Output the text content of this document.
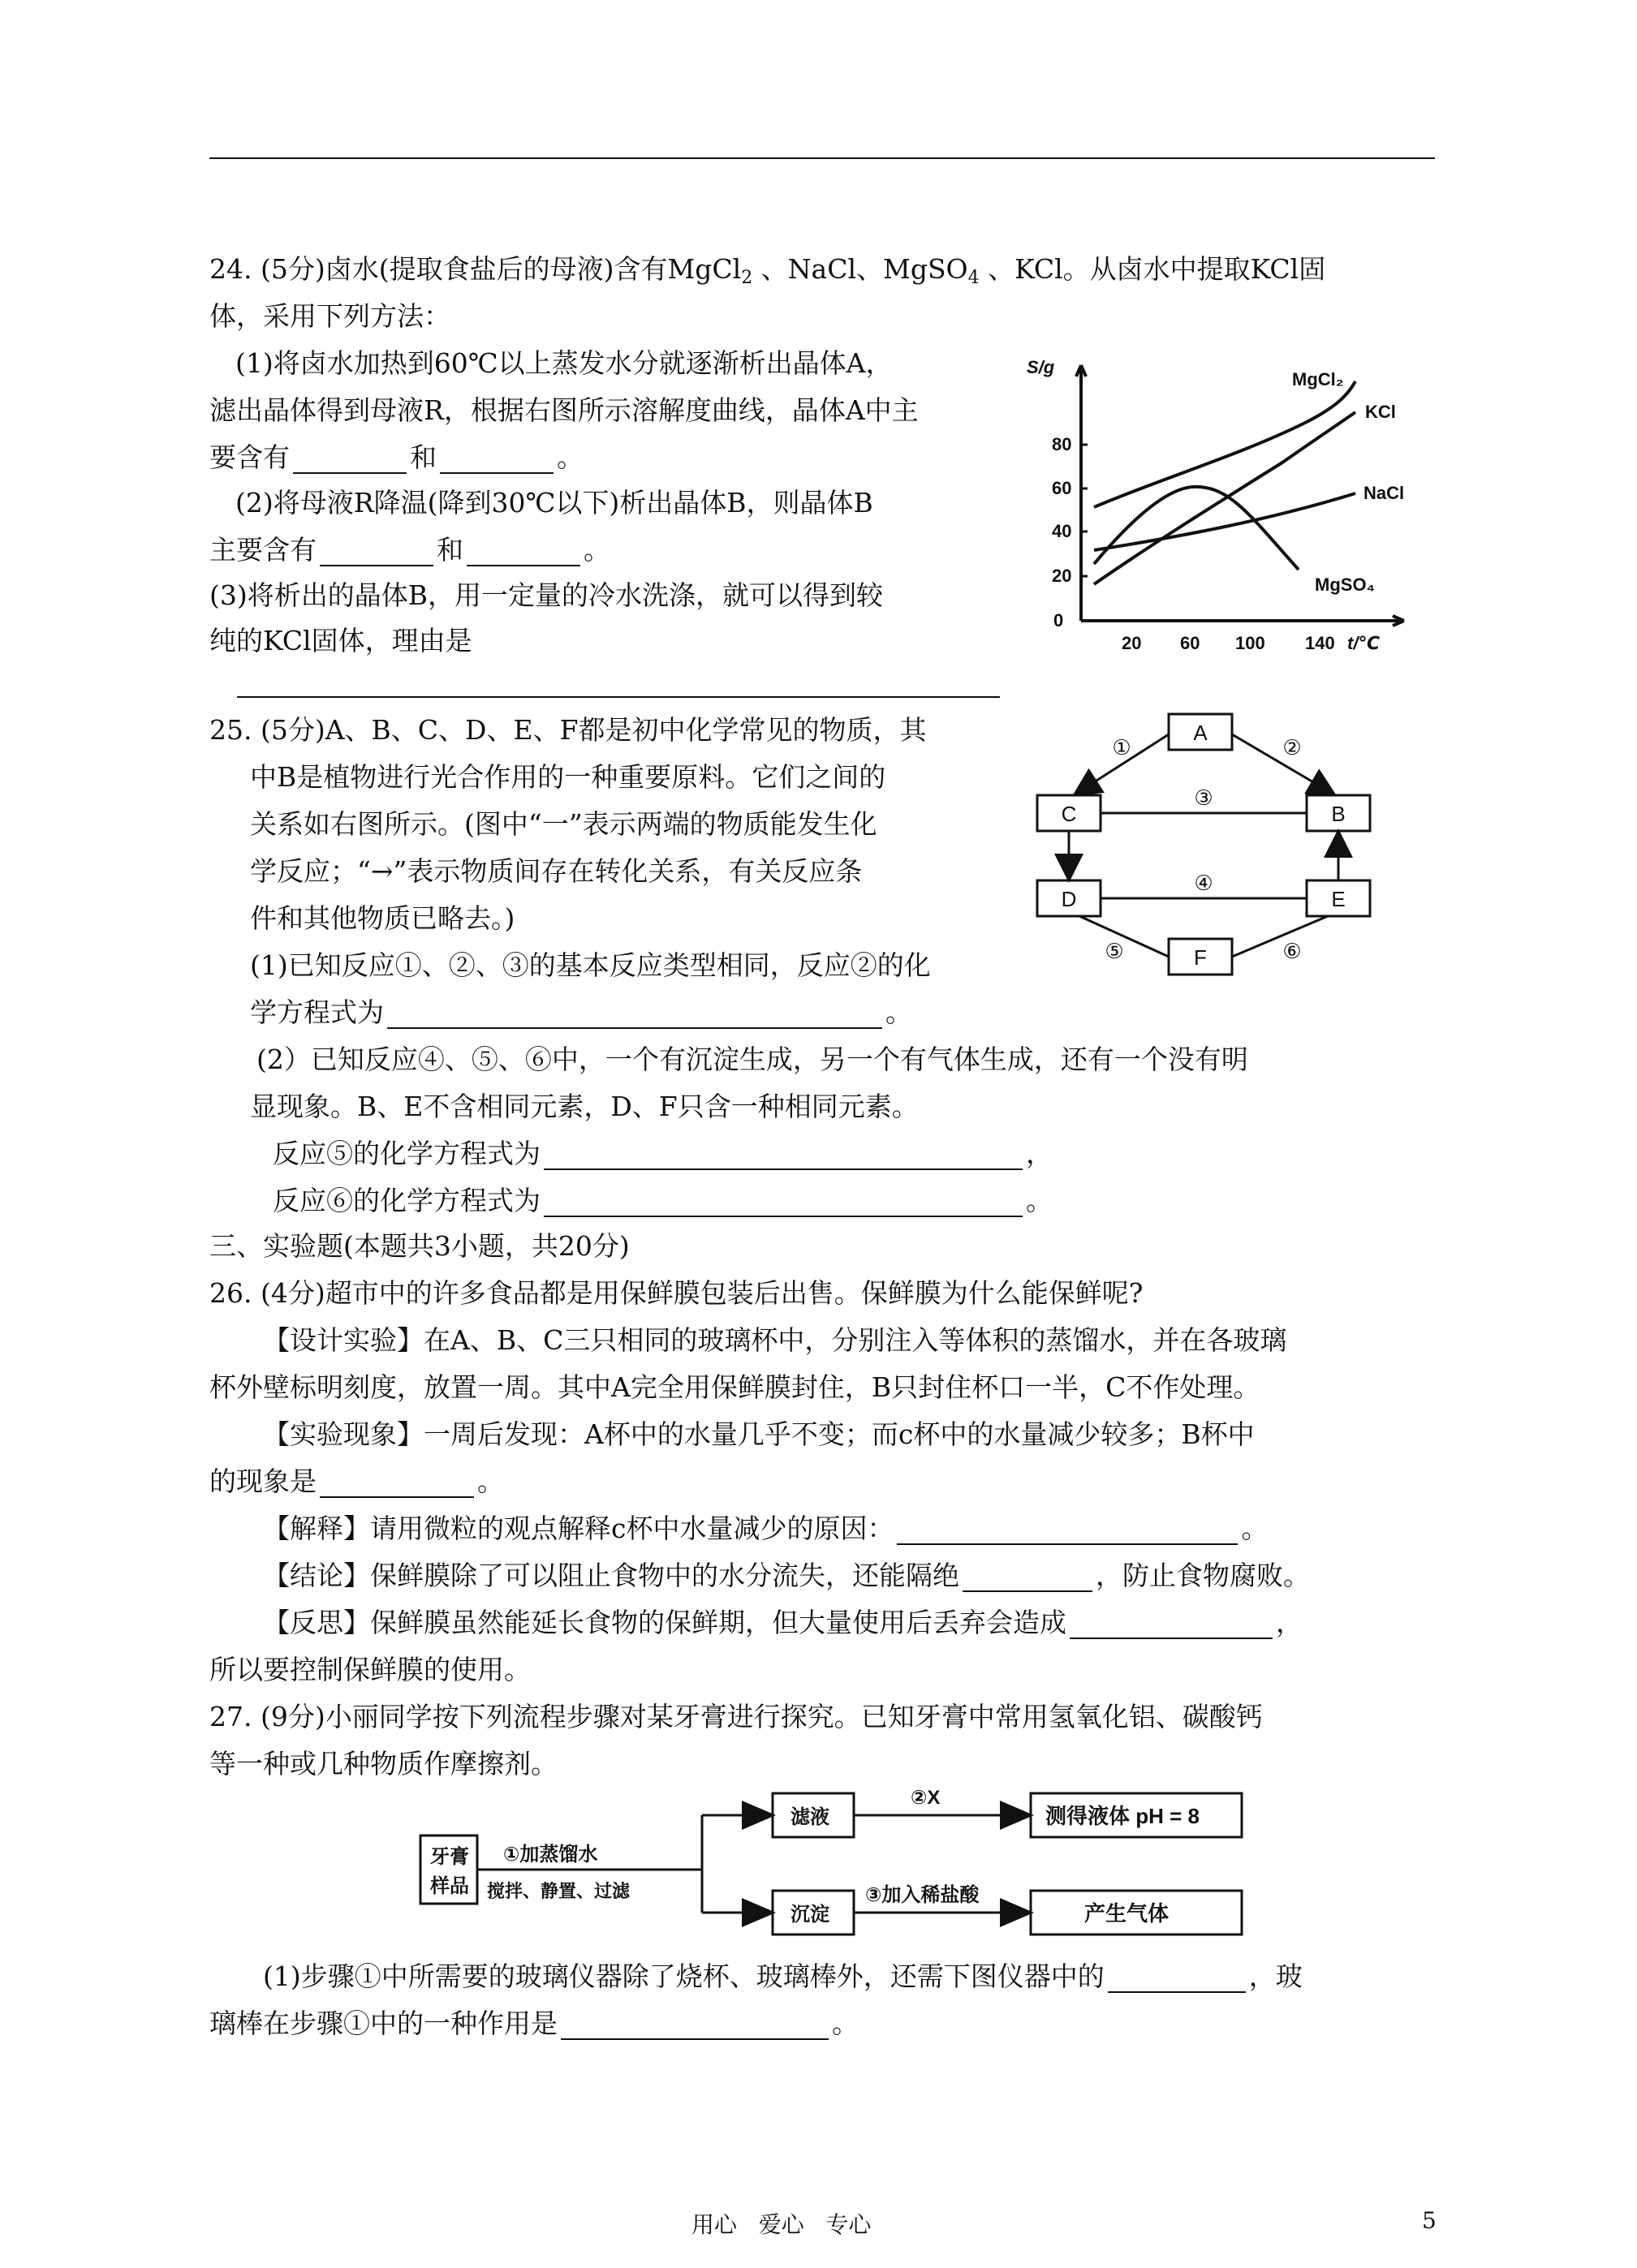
24. (5分)卤水(提取食盐后的母液)含有MgCl$_2$ 、NaCl、MgSO$_4$ 、KCl。从卤水中提取KCl固
体，采用下列方法：
(1)将卤水加热到60℃以上蒸发水分就逐渐析出晶体A，
滤出晶体得到母液R，根据右图所示溶解度曲线，晶体A中主
要含有	和	。
(2)将母液R降温(降到30℃以下)析出晶体B，则晶体B
主要含有	和	。
(3)将析出的晶体B，用一定量的冷水洗涤，就可以得到较
纯的KCl固体，理由是
S/g
0
20
40
60
80
20 60 100 140 t/℃
MgCl₂
KCl
NaCl
MgSO₄
25. (5分)A、B、C、D、E、F都是初中化学常见的物质，其
中B是植物进行光合作用的一种重要原料。它们之间的
关系如右图所示。(图中“一”表示两端的物质能发生化
学反应；“→”表示物质间存在转化关系，有关反应条
件和其他物质已略去。)
(1)已知反应①、②、③的基本反应类型相同，反应②的化
学方程式为	。
(2）已知反应④、⑤、⑥中，一个有沉淀生成，另一个有气体生成，还有一个没有明
显现象。B、E不含相同元素，D、F只含一种相同元素。
反应⑤的化学方程式为	，
反应⑥的化学方程式为	。
A
C	B
D	E
F
①	②
③
④
⑤	⑥
三、实验题(本题共3小题，共20分)
26. (4分)超市中的许多食品都是用保鲜膜包装后出售。保鲜膜为什么能保鲜呢?
【设计实验】在A、B、C三只相同的玻璃杯中，分别注入等体积的蒸馏水，并在各玻璃
杯外壁标明刻度，放置一周。其中A完全用保鲜膜封住，B只封住杯口一半，C不作处理。
【实验现象】一周后发现：A杯中的水量几乎不变；而c杯中的水量减少较多；B杯中
的现象是	。
【解释】请用微粒的观点解释c杯中水量减少的原因：	。
【结论】保鲜膜除了可以阻止食物中的水分流失，还能隔绝	，防止食物腐败。
【反思】保鲜膜虽然能延长食物的保鲜期，但大量使用后丢弃会造成	，
所以要控制保鲜膜的使用。
27. (9分)小丽同学按下列流程步骤对某牙膏进行探究。已知牙膏中常用氢氧化铝、碳酸钙
等一种或几种物质作摩擦剂。
牙膏
样品
①加蒸馏水
搅拌、静置、过滤
滤液
沉淀
②X
③加入稀盐酸
测得液体 pH = 8
产生气体
(1)步骤①中所需要的玻璃仪器除了烧杯、玻璃棒外，还需下图仪器中的	，玻
璃棒在步骤①中的一种作用是	。
用心   爱心   专心	5
